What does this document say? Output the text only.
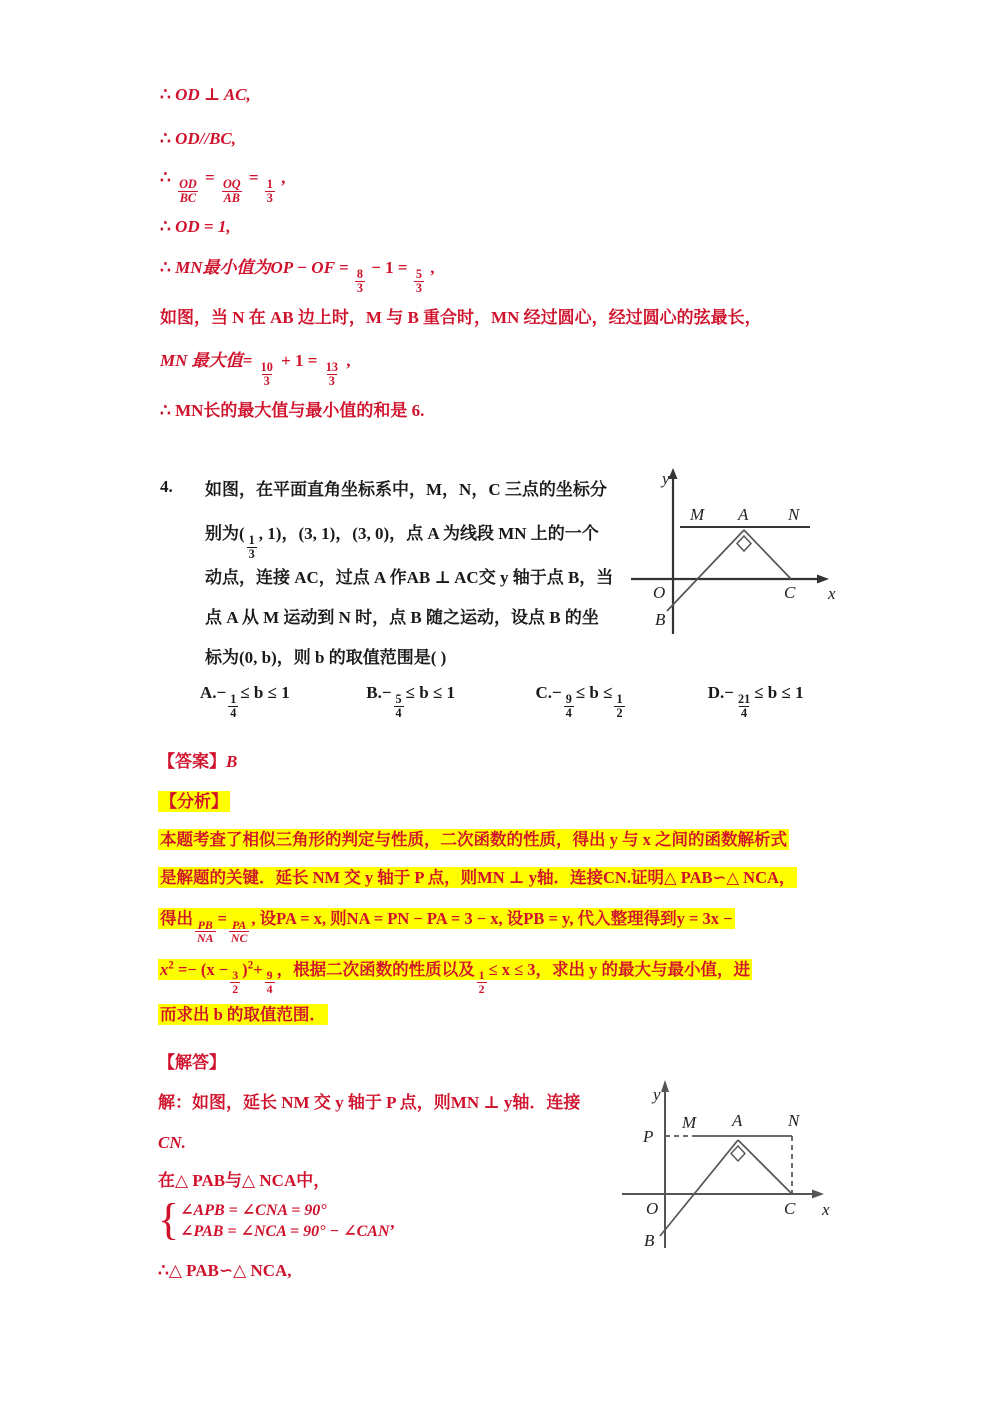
∴ OD ⊥ AC,
∴ OD//BC,
∴
$\frac{OD}{BC}$
=
$\frac{OQ}{AB}$
=
$\frac{1}{3}$
,
∴ OD = 1,
∴ MN最小值为OP − OF =
$\frac{8}{3}$
− 1 =
$\frac{5}{3}$
,
如图，当 N 在 AB 边上时，M 与 B 重合时，MN 经过圆心，经过圆心的弦最长，
MN 最大值=
$\frac{10}{3}$
+ 1 =
$\frac{13}{3}$
,
∴ MN长的最大值与最小值的和是 6.
4. 如图，在平面直角坐标系中，M，N，C 三点的坐标分
别为(
$\frac{1}{3}$
, 1)，(3, 1)，(3, 0)，点 A 为线段 MN 上的一个
动点，连接 AC，过点 A 作AB ⊥ AC交 y 轴于点 B，当
点 A 从 M 运动到 N 时，点 B 随之运动，设点 B 的坐
标为(0, b)，则 b 的取值范围是( )
A.−
$\frac{1}{4}$
≤ b ≤ 1	B.−
$\frac{5}{4}$
≤ b ≤ 1	C.−
$\frac{9}{4}$
≤ b ≤
$\frac{1}{2}$
D.−
$\frac{21}{4}$
≤ b ≤ 1
【答案】B
【分析】
本题考查了相似三角形的判定与性质，二次函数的性质，得出 y 与 x 之间的函数解析式
是解题的关键．延长 NM 交 y 轴于 P 点，则MN ⊥ y轴．连接CN.证明△ PAB∽△ NCA，
得出
$\frac{PB}{NA}$
=
$\frac{PA}{NC}$
, 设PA = x, 则NA = PN − PA = 3 − x, 设PB = y, 代入整理得到y = 3x −
$x^2 =- (x$ −
$\frac{3}{2}$
)$^2$+
$\frac{9}{4}$
，根据二次函数的性质以及
$\frac{1}{2}$
≤ x ≤ 3，求出 y 的最大与最小值，进
而求出 b 的取值范围．
【解答】
解：如图，延长 NM 交 y 轴于 P 点，则MN ⊥ y轴．连接
CN.
在△ PAB与△ NCA中，
{ ∠APB = ∠CNA = 90°
∠PAB = ∠NCA = 90° − ∠CAN ’
∴△ PAB∽△ NCA,
M A N
O
B
C
y
x
P
M A	N
O
B
C
y
x
